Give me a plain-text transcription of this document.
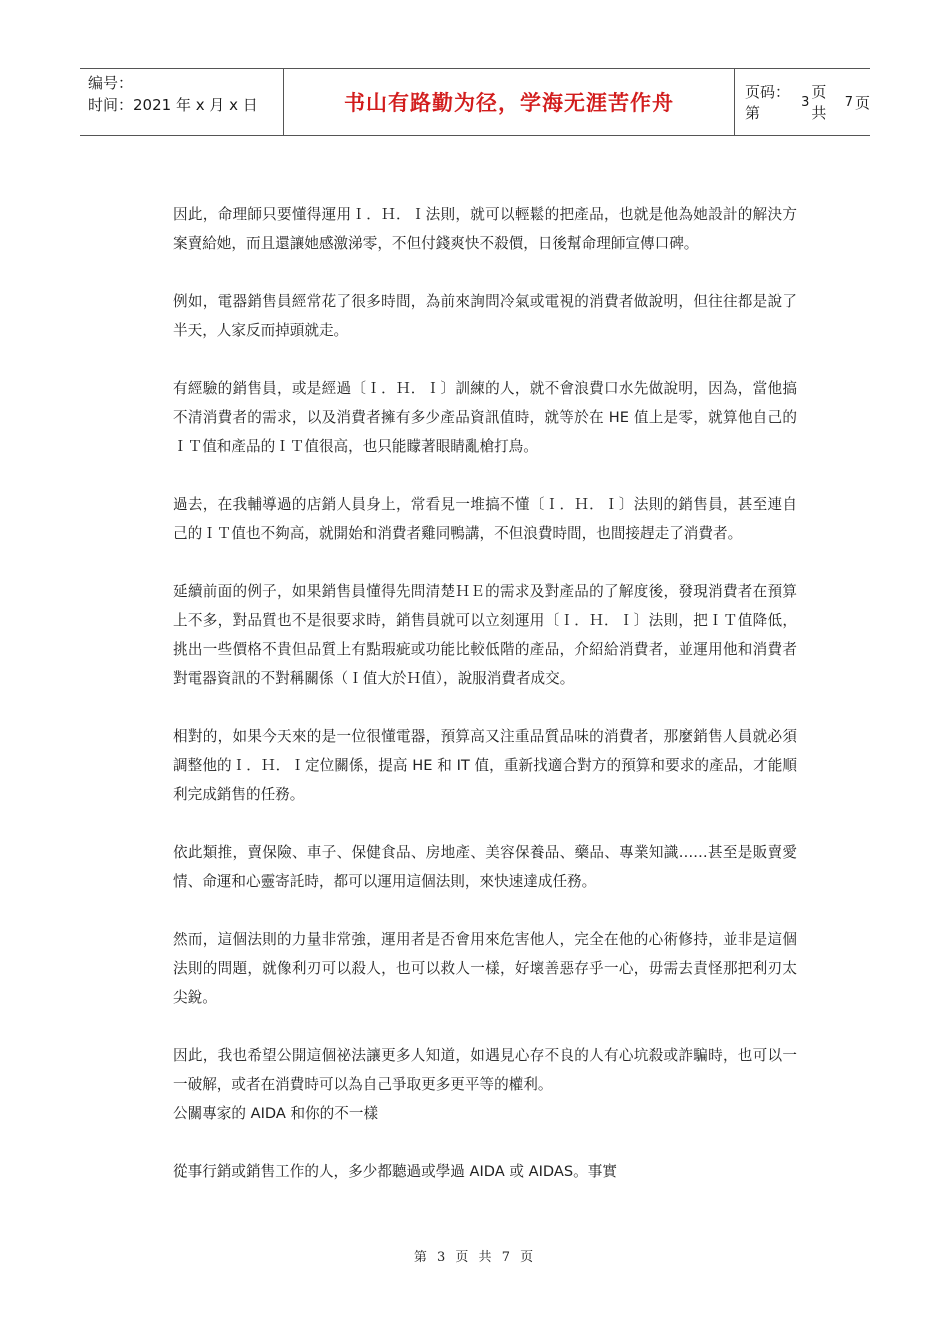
编号：
时间：2021 年 x 月 x 日	书山有路勤为径，学海无涯苦作舟	页码：第
3
页 共
7 页

因此，命理師只要懂得運用Ｉ．Ｈ．Ｉ法則，就可以輕鬆的把產品，也就是他為她設計的解決方案賣給她，而且還讓她感激涕零，不但付錢爽快不殺價，日後幫命理師宣傳口碑。

例如，電器銷售員經常花了很多時間，為前來詢問冷氣或電視的消費者做說明，但往往都是說了半天，人家反而掉頭就走。

有經驗的銷售員，或是經過〔Ｉ．Ｈ．Ｉ〕訓練的人，就不會浪費口水先做說明，因為，當他搞不清消費者的需求，以及消費者擁有多少產品資訊值時，就等於在 HE 值上是零，就算他自己的ＩＴ值和產品的ＩＴ值很高，也只能矇著眼睛亂槍打鳥。

過去，在我輔導過的店銷人員身上，常看見一堆搞不懂〔Ｉ．Ｈ．Ｉ〕法則的銷售員，甚至連自己的ＩＴ值也不夠高，就開始和消費者雞同鴨講，不但浪費時間，也間接趕走了消費者。

延續前面的例子，如果銷售員懂得先問清楚ＨＥ的需求及對產品的了解度後，發現消費者在預算上不多，對品質也不是很要求時，銷售員就可以立刻運用〔Ｉ．Ｈ．Ｉ〕法則，把ＩＴ值降低，挑出一些價格不貴但品質上有點瑕疵或功能比較低階的產品，介紹給消費者，並運用他和消費者對電器資訊的不對稱關係（Ｉ值大於Ｈ值），說服消費者成交。

相對的，如果今天來的是一位很懂電器，預算高又注重品質品味的消費者，那麼銷售人員就必須調整他的Ｉ．Ｈ．Ｉ定位關係，提高 HE 和 IT 值，重新找適合對方的預算和要求的產品，才能順利完成銷售的任務。

依此類推，賣保險、車子、保健食品、房地產、美容保養品、藥品、專業知識……甚至是販賣愛情、命運和心靈寄託時，都可以運用這個法則，來快速達成任務。

然而，這個法則的力量非常強，運用者是否會用來危害他人，完全在他的心術修持，並非是這個法則的問題，就像利刃可以殺人，也可以救人一樣，好壞善惡存乎一心，毋需去責怪那把利刃太尖銳。

因此，我也希望公開這個祕法讓更多人知道，如遇見心存不良的人有心坑殺或詐騙時，也可以一一破解，或者在消費時可以為自己爭取更多更平等的權利。

公關專家的 AIDA 和你的不一樣

從事行銷或銷售工作的人，多少都聽過或學過 AIDA 或 AIDAS。事實

第 3 页 共 7 页
